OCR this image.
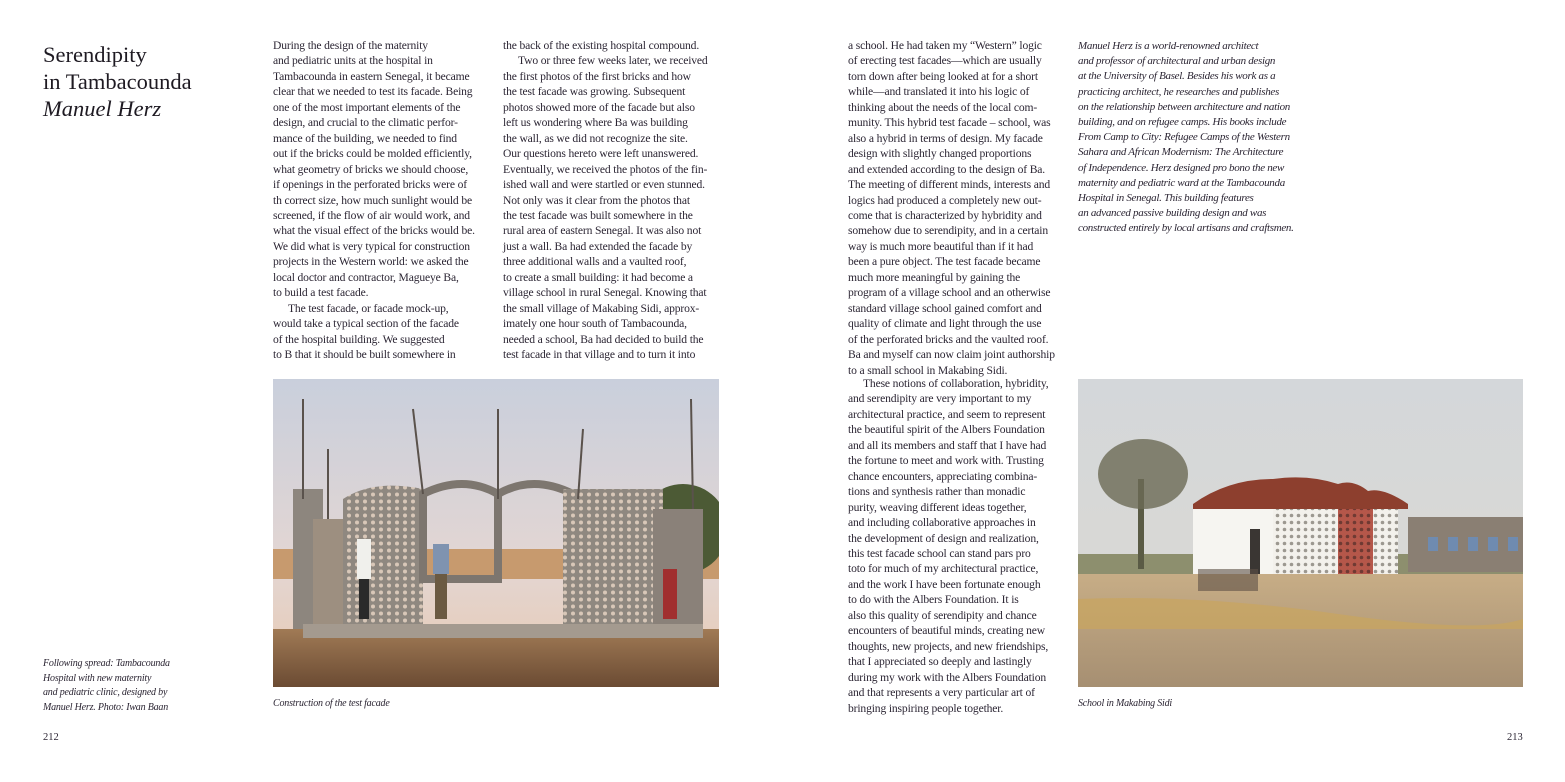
Serendipity
in Tambacounda
Manuel Herz
During the design of the maternity
and pediatric units at the hospital in
Tambacounda in eastern Senegal, it became
clear that we needed to test its facade. Being
one of the most important elements of the
design, and crucial to the climatic perfor-
mance of the building, we needed to find
out if the bricks could be molded efficiently,
what geometry of bricks we should choose,
if openings in the perforated bricks were of
th correct size, how much sunlight would be
screened, if the flow of air would work, and
what the visual effect of the bricks would be.
We did what is very typical for construction
projects in the Western world: we asked the
local doctor and contractor, Magueye Ba,
to build a test facade.
The test facade, or facade mock-up,
would take a typical section of the facade
of the hospital building. We suggested
to B that it should be built somewhere in
the back of the existing hospital compound.
Two or three few weeks later, we received
the first photos of the first bricks and how
the test facade was growing. Subsequent
photos showed more of the facade but also
left us wondering where Ba was building
the wall, as we did not recognize the site.
Our questions hereto were left unanswered.
Eventually, we received the photos of the fin-
ished wall and were startled or even stunned.
Not only was it clear from the photos that
the test facade was built somewhere in the
rural area of eastern Senegal. It was also not
just a wall. Ba had extended the facade by
three additional walls and a vaulted roof,
to create a small building: it had become a
village school in rural Senegal. Knowing that
the small village of Makabing Sidi, approx-
imately one hour south of Tambacounda,
needed a school, Ba had decided to build the
test facade in that village and to turn it into
a school. He had taken my “Western” logic
of erecting test facades—which are usually
torn down after being looked at for a short
while—and translated it into his logic of
thinking about the needs of the local com-
munity. This hybrid test facade – school, was
also a hybrid in terms of design. My facade
design with slightly changed proportions
and extended according to the design of Ba.
The meeting of different minds, interests and
logics had produced a completely new out-
come that is characterized by hybridity and
somehow due to serendipity, and in a certain
way is much more beautiful than if it had
been a pure object. The test facade became
much more meaningful by gaining the
program of a village school and an otherwise
standard village school gained comfort and
quality of climate and light through the use
of the perforated bricks and the vaulted roof.
Ba and myself can now claim joint authorship
to a small school in Makabing Sidi.
These notions of collaboration, hybridity,
and serendipity are very important to my
architectural practice, and seem to represent
the beautiful spirit of the Albers Foundation
and all its members and staff that I have had
the fortune to meet and work with. Trusting
chance encounters, appreciating combina-
tions and synthesis rather than monadic
purity, weaving different ideas together,
and including collaborative approaches in
the development of design and realization,
this test facade school can stand pars pro
toto for much of my architectural practice,
and the work I have been fortunate enough
to do with the Albers Foundation. It is
also this quality of serendipity and chance
encounters of beautiful minds, creating new
thoughts, new projects, and new friendships,
that I appreciated so deeply and lastingly
during my work with the Albers Foundation
and that represents a very particular art of
bringing inspiring people together.
Manuel Herz is a world-renowned architect
and professor of architectural and urban design
at the University of Basel. Besides his work as a
practicing architect, he researches and publishes
on the relationship between architecture and nation
building, and on refugee camps. His books include
From Camp to City: Refugee Camps of the Western
Sahara and African Modernism: The Architecture
of Independence. Herz designed pro bono the new
maternity and pediatric ward at the Tambacounda
Hospital in Senegal. This building features
an advanced passive building design and was
constructed entirely by local artisans and craftsmen.
Construction of the test facade	School in Makabing Sidi
Following spread: Tambacounda
Hospital with new maternity
and pediatric clinic, designed by
Manuel Herz. Photo: Iwan Baan
212	213
